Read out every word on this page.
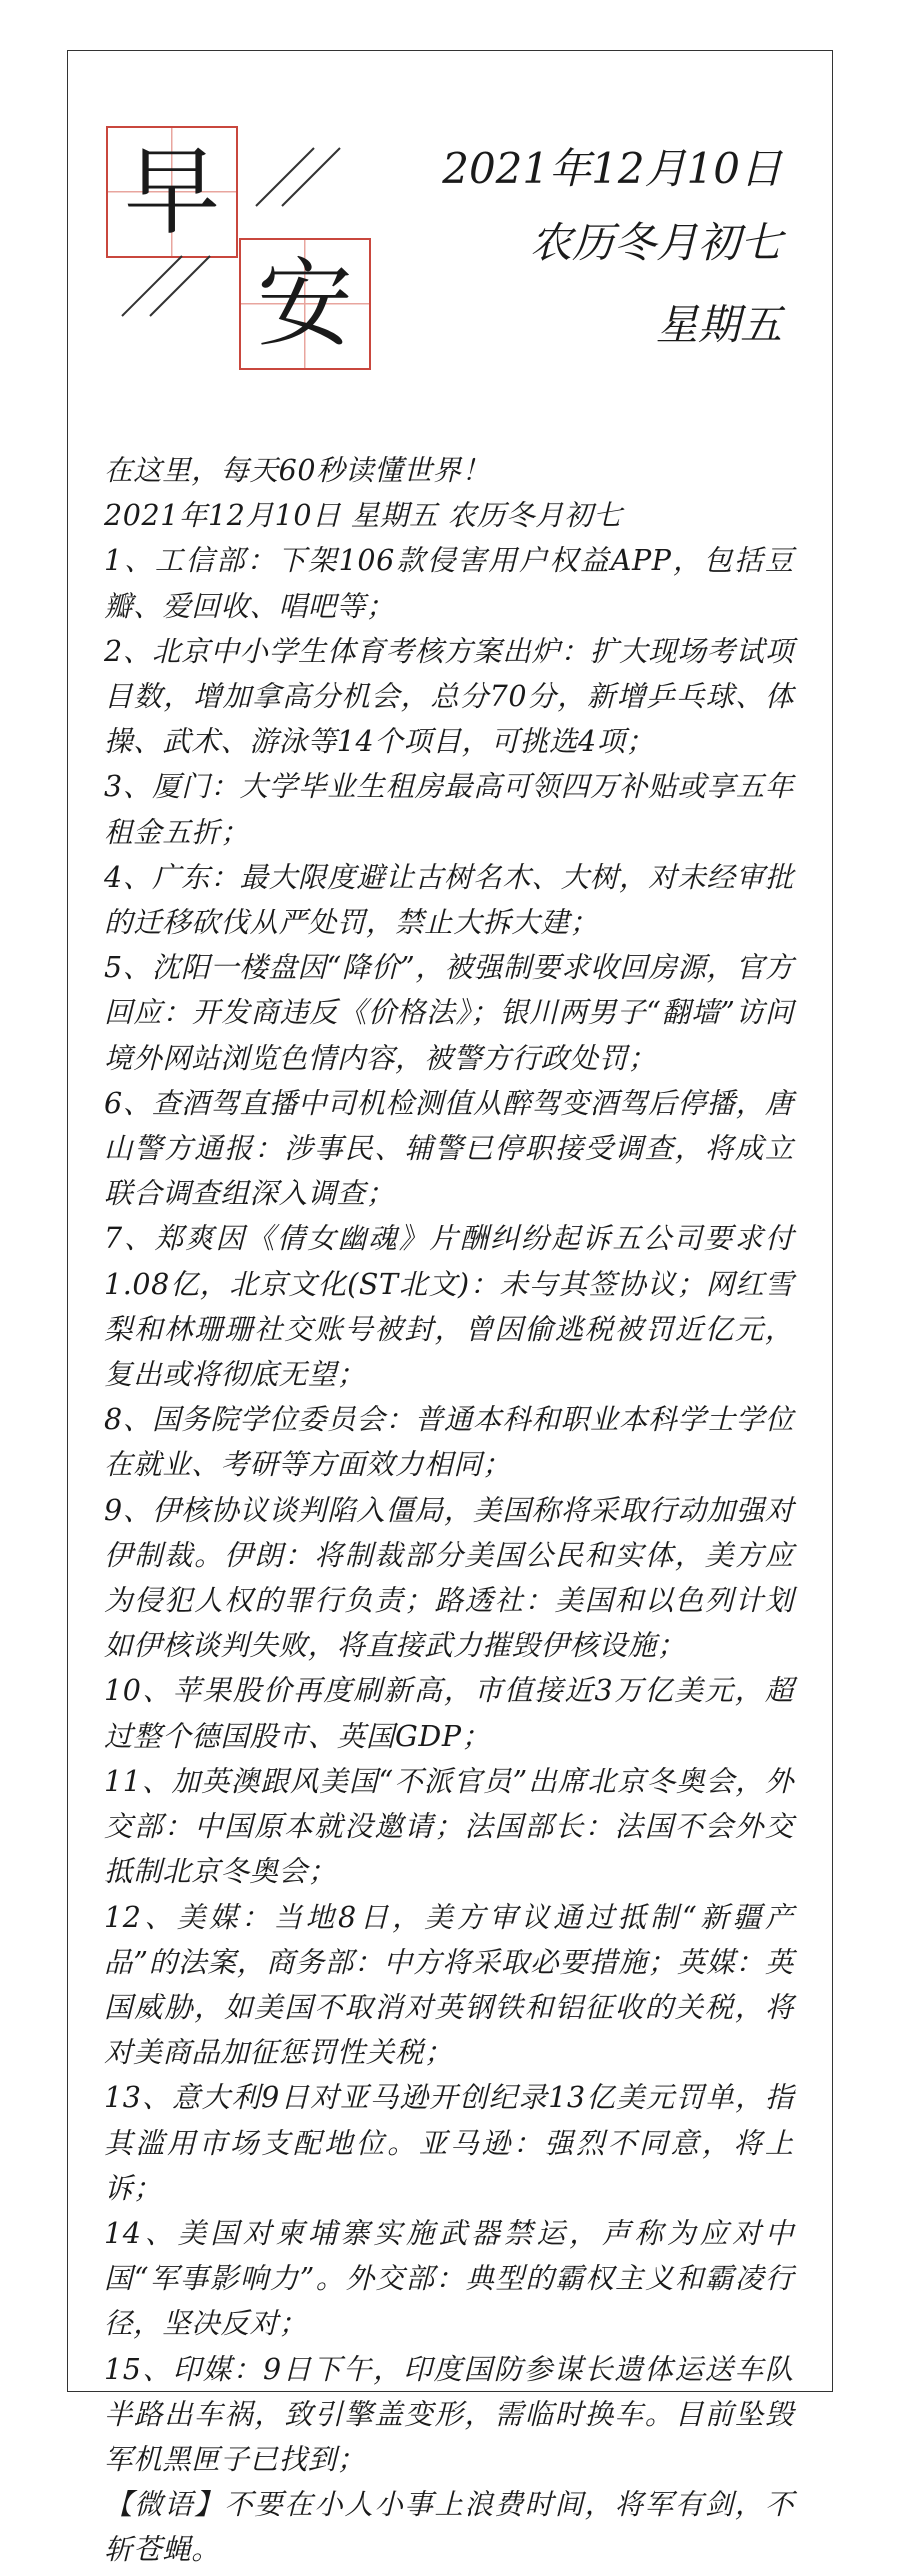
早
安
2021年12月10日
农历冬月初七
星期五

在这里，每天60秒读懂世界！

2021年12月10日 星期五 农历冬月初七

1、工信部：下架106款侵害用户权益APP，包括豆瓣、爱回收、唱吧等；

2、北京中小学生体育考核方案出炉：扩大现场考试项目数，增加拿高分机会，总分70分，新增乒乓球、体操、武术、游泳等14个项目，可挑选4项；

3、厦门：大学毕业生租房最高可领四万补贴或享五年租金五折；

4、广东：最大限度避让古树名木、大树，对未经审批的迁移砍伐从严处罚，禁止大拆大建；

5、沈阳一楼盘因“降价”，被强制要求收回房源，官方回应：开发商违反《价格法》；银川两男子“翻墙”访问境外网站浏览色情内容，被警方行政处罚；

6、查酒驾直播中司机检测值从醉驾变酒驾后停播，唐山警方通报：涉事民、辅警已停职接受调查，将成立联合调查组深入调查；

7、郑爽因《倩女幽魂》片酬纠纷起诉五公司要求付1.08亿，北京文化(ST北文)：未与其签协议；网红雪梨和林珊珊社交账号被封，曾因偷逃税被罚近亿元，复出或将彻底无望；

8、国务院学位委员会：普通本科和职业本科学士学位在就业、考研等方面效力相同；

9、伊核协议谈判陷入僵局，美国称将采取行动加强对伊制裁。伊朗：将制裁部分美国公民和实体，美方应为侵犯人权的罪行负责；路透社：美国和以色列计划如伊核谈判失败，将直接武力摧毁伊核设施；

10、苹果股价再度刷新高，市值接近3万亿美元，超过整个德国股市、英国GDP；

11、加英澳跟风美国“不派官员”出席北京冬奥会，外交部：中国原本就没邀请；法国部长：法国不会外交抵制北京冬奥会；

12、美媒：当地8日，美方审议通过抵制“新疆产品”的法案，商务部：中方将采取必要措施；英媒：英国威胁，如美国不取消对英钢铁和铝征收的关税，将对美商品加征惩罚性关税；

13、意大利9日对亚马逊开创纪录13亿美元罚单，指其滥用市场支配地位。亚马逊：强烈不同意，将上诉；

14、美国对柬埔寨实施武器禁运，声称为应对中国“军事影响力”。外交部：典型的霸权主义和霸凌行径，坚决反对；

15、印媒：9日下午，印度国防参谋长遗体运送车队半路出车祸，致引擎盖变形，需临时换车。目前坠毁军机黑匣子已找到；

【微语】不要在小人小事上浪费时间，将军有剑，不斩苍蝇。
